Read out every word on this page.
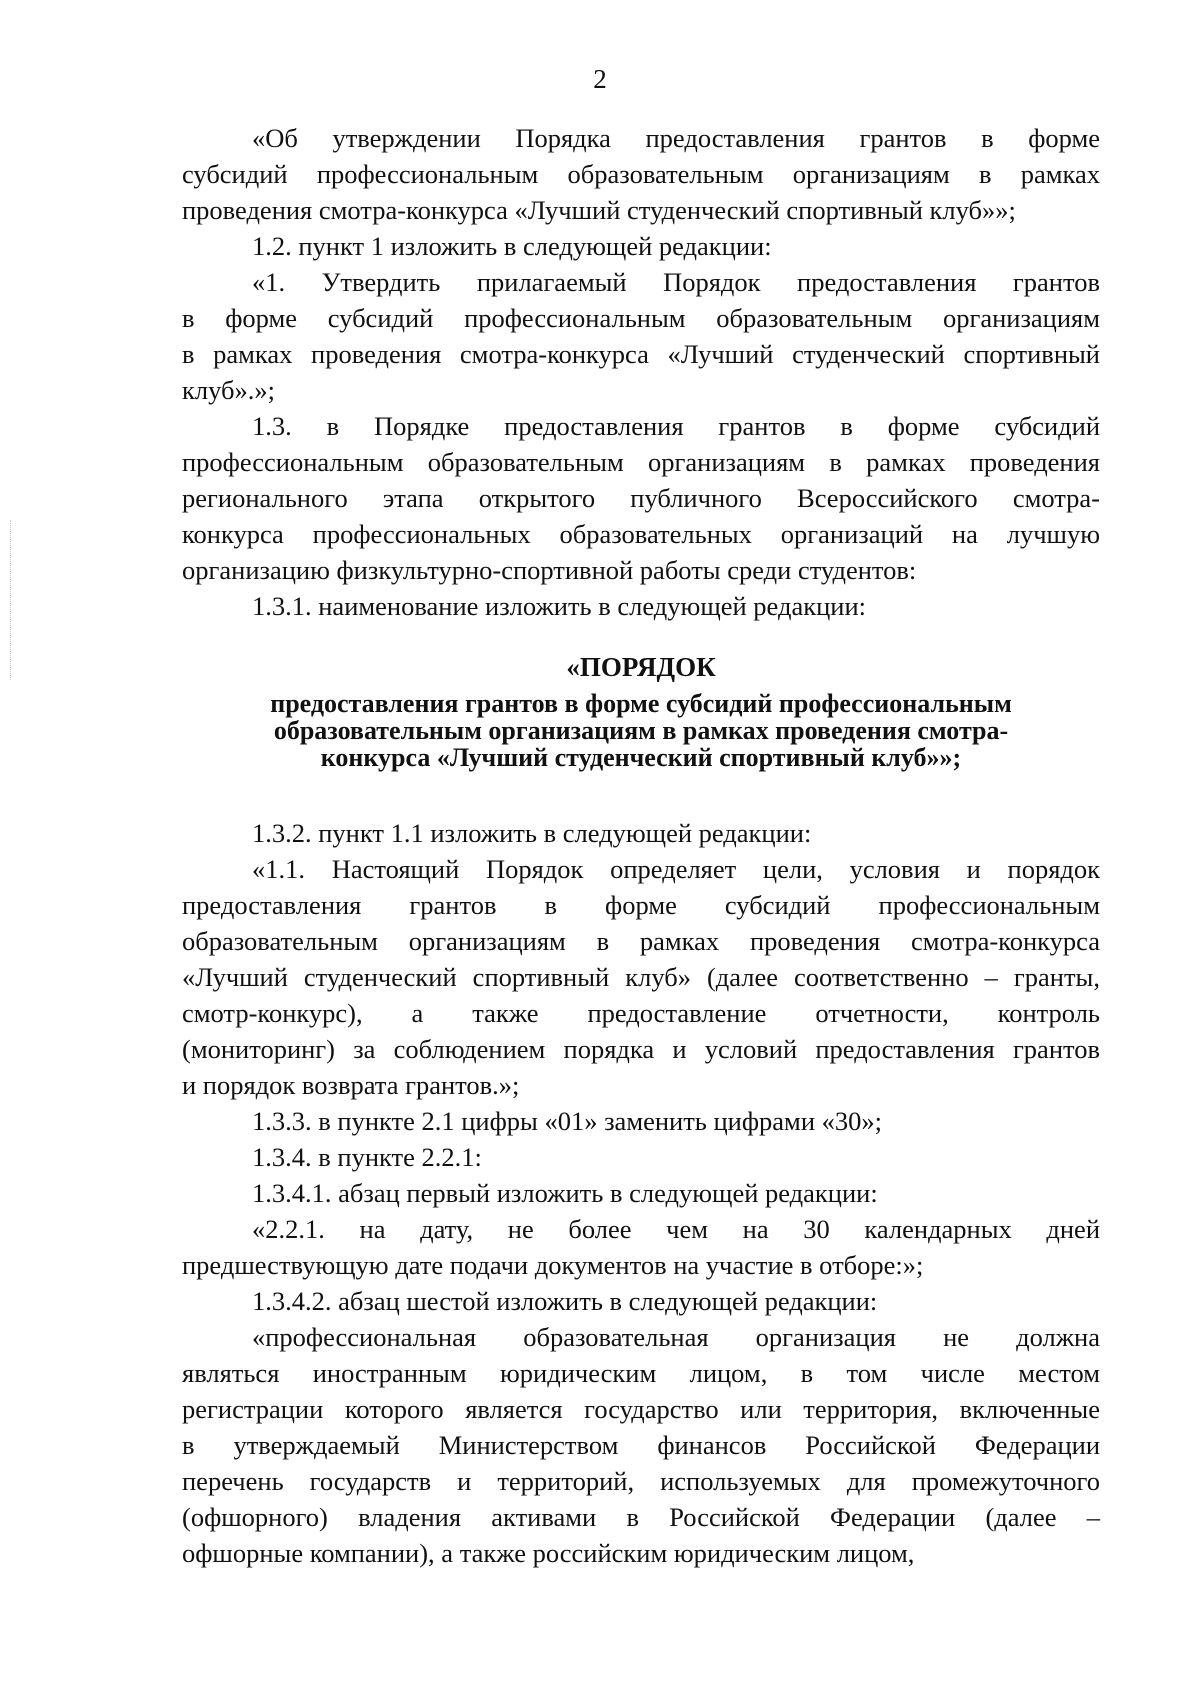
2
«Об утверждении Порядка предоставления грантов в форме
субсидий профессиональным образовательным организациям в рамках
проведения смотра-конкурса «Лучший студенческий спортивный клуб»»;
1.2. пункт 1 изложить в следующей редакции:
«1. Утвердить прилагаемый Порядок предоставления грантов
в форме субсидий профессиональным образовательным организациям
в рамках проведения смотра-конкурса «Лучший студенческий спортивный
клуб».»;
1.3. в Порядке предоставления грантов в форме субсидий
профессиональным образовательным организациям в рамках проведения
регионального этапа открытого публичного Всероссийского смотра-
конкурса профессиональных образовательных организаций на лучшую
организацию физкультурно-спортивной работы среди студентов:
1.3.1. наименование изложить в следующей редакции:
«ПОРЯДОК
предоставления грантов в форме субсидий профессиональным
образовательным организациям в рамках проведения смотра-
конкурса «Лучший студенческий спортивный клуб»»;
1.3.2. пункт 1.1 изложить в следующей редакции:
«1.1. Настоящий Порядок определяет цели, условия и порядок
предоставления грантов в форме субсидий профессиональным
образовательным организациям в рамках проведения смотра-конкурса
«Лучший студенческий спортивный клуб» (далее соответственно – гранты,
смотр-конкурс), а также предоставление отчетности, контроль
(мониторинг) за соблюдением порядка и условий предоставления грантов
и порядок возврата грантов.»;
1.3.3. в пункте 2.1 цифры «01» заменить цифрами «30»;
1.3.4. в пункте 2.2.1:
1.3.4.1. абзац первый изложить в следующей редакции:
«2.2.1. на дату, не более чем на 30 календарных дней
предшествующую дате подачи документов на участие в отборе:»;
1.3.4.2. абзац шестой изложить в следующей редакции:
«профессиональная образовательная организация не должна
являться иностранным юридическим лицом, в том числе местом
регистрации которого является государство или территория, включенные
в утверждаемый Министерством финансов Российской Федерации
перечень государств и территорий, используемых для промежуточного
(офшорного) владения активами в Российской Федерации (далее –
офшорные компании), а также российским юридическим лицом,
